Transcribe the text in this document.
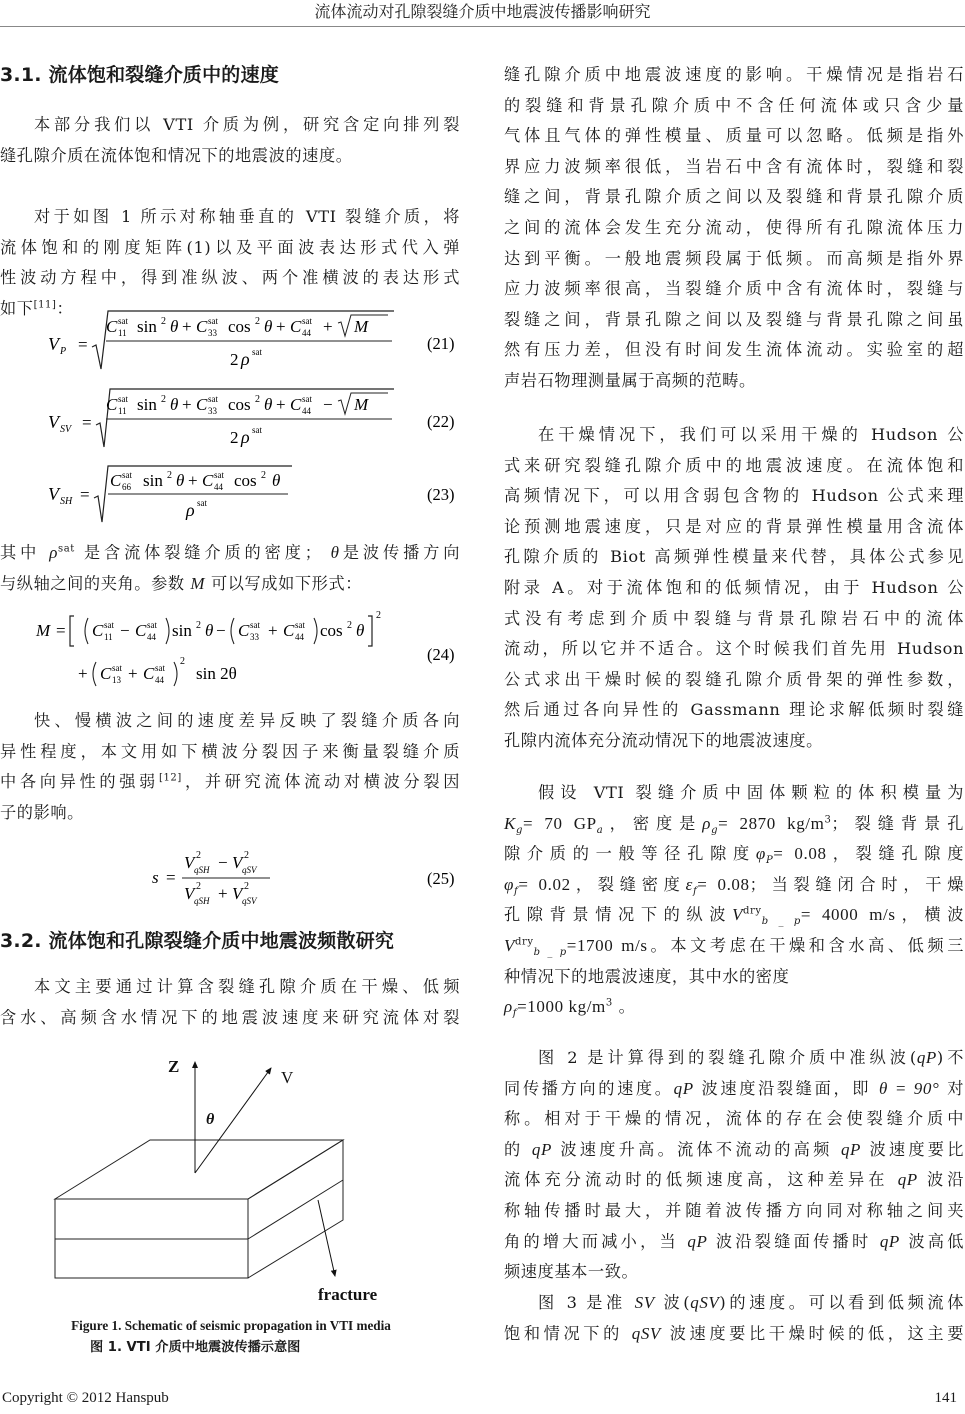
流体流动对孔隙裂缝介质中地震波传播影响研究
3.1. 流体饱和裂缝介质中的速度
本部分我们以 VTI 介质为例，研究含定向排列裂
缝孔隙介质在流体饱和情况下的地震波的速度。
对于如图 1 所示对称轴垂直的 VTI 裂缝介质，将
流体饱和的刚度矩阵(1)以及平面波表达形式代入弹
性波动方程中，得到准纵波、两个准横波的表达形式
如下[11]：
V P =
C sat
11 sin 2 θ + C sat
33 cos 2 θ + C sat
44 + M
2 ρ sat	(21)
V SV =
C sat
11 sin 2 θ + C sat
33 cos 2 θ + C sat
44 − M
2 ρ sat	(22)
V SH =
C sat
66 sin 2 θ + C sat
44 cos 2 θ
ρ sat	(23)
其中 $\rho^{sat}$ 是含流体裂缝介质的密度； θ是波传播方向
与纵轴之间的夹角。参数 M 可以写成如下形式：
M = C sat
11 − C sat
44 sin 2 θ − C sat
33 + C sat
44 cos 2 θ
2
+ C sat
13 + C sat
44
2
sin 2θ
(24)
快、慢横波之间的速度差异反映了裂缝介质各向
异性程度，本文用如下横波分裂因子来衡量裂缝介质
中各向异性的强弱[12]，并研究流体流动对横波分裂因
子的影响。
s =
V 2
qSH − V 2
qSV
V 2
qSH + V 2
qSV
(25)
3.2. 流体饱和孔隙裂缝介质中地震波频散研究
本文主要通过计算含裂缝孔隙介质在干燥、低频
含水、高频含水情况下的地震波速度来研究流体对裂
Z
V
θ
fracture
Figure 1. Schematic of seismic propagation in VTI media
图 1. VTI 介质中地震波传播示意图
缝孔隙介质中地震波速度的影响。干燥情况是指岩石
的裂缝和背景孔隙介质中不含任何流体或只含少量
气体且气体的弹性模量、质量可以忽略。低频是指外
界应力波频率很低，当岩石中含有流体时，裂缝和裂
缝之间，背景孔隙介质之间以及裂缝和背景孔隙介质
之间的流体会发生充分流动，使得所有孔隙流体压力
达到平衡。一般地震频段属于低频。而高频是指外界
应力波频率很高，当裂缝介质中含有流体时，裂缝与
裂缝之间，背景孔隙之间以及裂缝与背景孔隙之间虽
然有压力差，但没有时间发生流体流动。实验室的超
声岩石物理测量属于高频的范畴。
在干燥情况下，我们可以采用干燥的 Hudson 公
式来研究裂缝孔隙介质中的地震波速度。在流体饱和
高频情况下，可以用含弱包含物的 Hudson 公式来理
论预测地震速度，只是对应的背景弹性模量用含流体
孔隙介质的 Biot 高频弹性模量来代替，具体公式参见
附录 A。对于流体饱和的低频情况，由于 Hudson 公
式没有考虑到介质中裂缝与背景孔隙岩石中的流体
流动，所以它并不适合。这个时候我们首先用 Hudson
公式求出干燥时候的裂缝孔隙介质骨架的弹性参数，
然后通过各向异性的 Gassmann 理论求解低频时裂缝
孔隙内流体充分流动情况下的地震波速度。
假设 VTI 裂缝介质中固体颗粒的体积模量为
$K_g= 70$ $GP_a$，密度是$\rho_g= 2870$ $kg/m^3$；裂缝背景孔
隙介质的一般等径孔隙度$\varphi_P= 0.08$，裂缝孔隙度
$\varphi_f= 0.02$，裂缝密度$\varepsilon_f= 0.08$；当裂缝闭合时，干燥
孔隙背景情况下的纵波$V^{dry}_{b \_ p}= 4000$ m/s，横波
$V^{dry}_{b \_ p}=1700$ m/s。本文考虑在干燥和含水高、低频三
种情况下的地震波速度，其中水的密度
$\rho_f=1000$ $kg/m^3$ 。
图 2 是计算得到的裂缝孔隙介质中准纵波(qP)不
同传播方向的速度。qP 波速度沿裂缝面，即 θ = 90° 对
称。相对于干燥的情况，流体的存在会使裂缝介质中
的 qP 波速度升高。流体不流动的高频 qP 波速度要比
流体充分流动时的低频速度高，这种差异在 qP 波沿
称轴传播时最大，并随着波传播方向同对称轴之间夹
角的增大而减小，当 qP 波沿裂缝面传播时 qP 波高低
频速度基本一致。
图 3 是准 SV 波(qSV)的速度。可以看到低频流体
饱和情况下的 qSV 波速度要比干燥时候的低，这主要
Copyright © 2012 Hanspub	141
